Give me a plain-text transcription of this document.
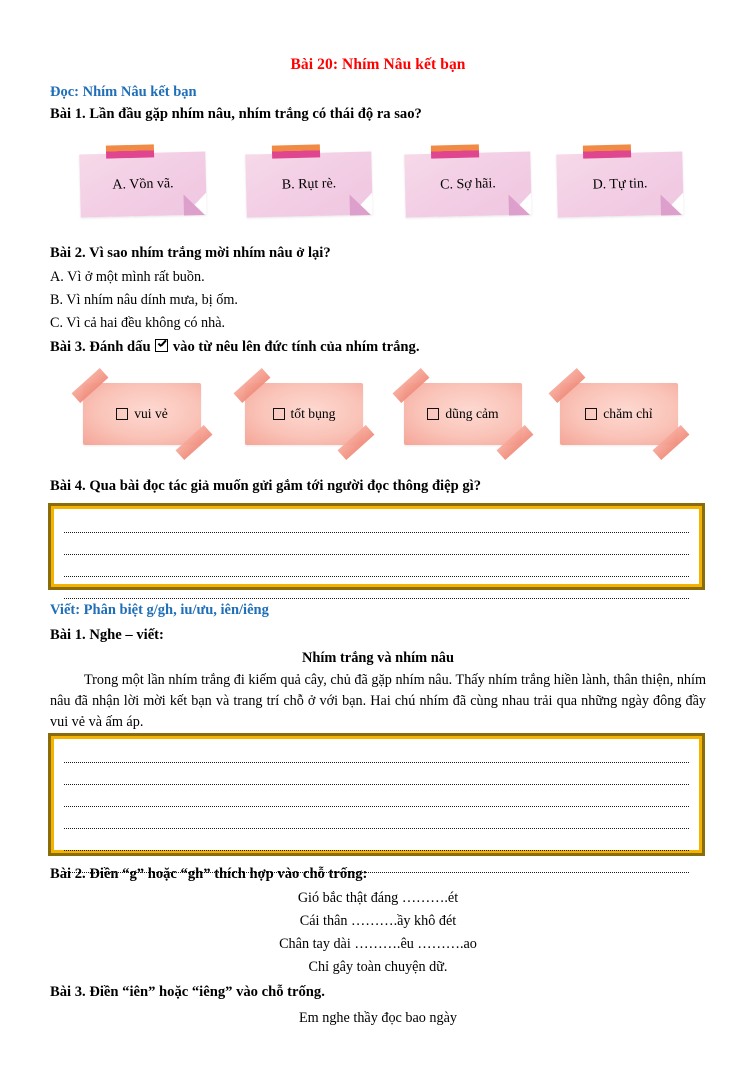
Bài 20: Nhím Nâu kết bạn
Đọc: Nhím Nâu kết bạn
Bài 1. Lần đầu gặp nhím nâu, nhím trắng có thái độ ra sao?
A. Vồn vã.	B. Rụt rè.	C. Sợ hãi.	D. Tự tin.
Bài 2. Vì sao nhím trắng mời nhím nâu ở lại?
A. Vì ở một mình rất buồn.
B. Vì nhím nâu dính mưa, bị ốm.
C. Vì cả hai đều không có nhà.
Bài 3. Đánh dấu  vào từ nêu lên đức tính của nhím trắng.
vui vẻ	tốt bụng	dũng cảm	chăm chỉ
Bài 4. Qua bài đọc tác giả muốn gửi gắm tới người đọc thông điệp gì?
Viết: Phân biệt g/gh, iu/ưu, iên/iêng
Bài 1. Nghe – viết:
Nhím trắng và nhím nâu
Trong một lần nhím trắng đi kiếm quả cây, chủ đã gặp nhím nâu. Thấy nhím trắng hiền lành, thân thiện, nhím nâu đã nhận lời mời kết bạn và trang trí chỗ ở với bạn. Hai chú nhím đã cùng nhau trải qua những ngày đông đầy vui vẻ và ấm áp.
Bài 2. Điền “g” hoặc “gh” thích hợp vào chỗ trống:
Gió bắc thật đáng ……….ét
Cái thân ……….ầy khô đét
Chân tay dài ……….êu ……….ao
Chỉ gây toàn chuyện dữ.
Bài 3. Điền “iên” hoặc “iêng” vào chỗ trống.
Em nghe thầy đọc bao ngày
